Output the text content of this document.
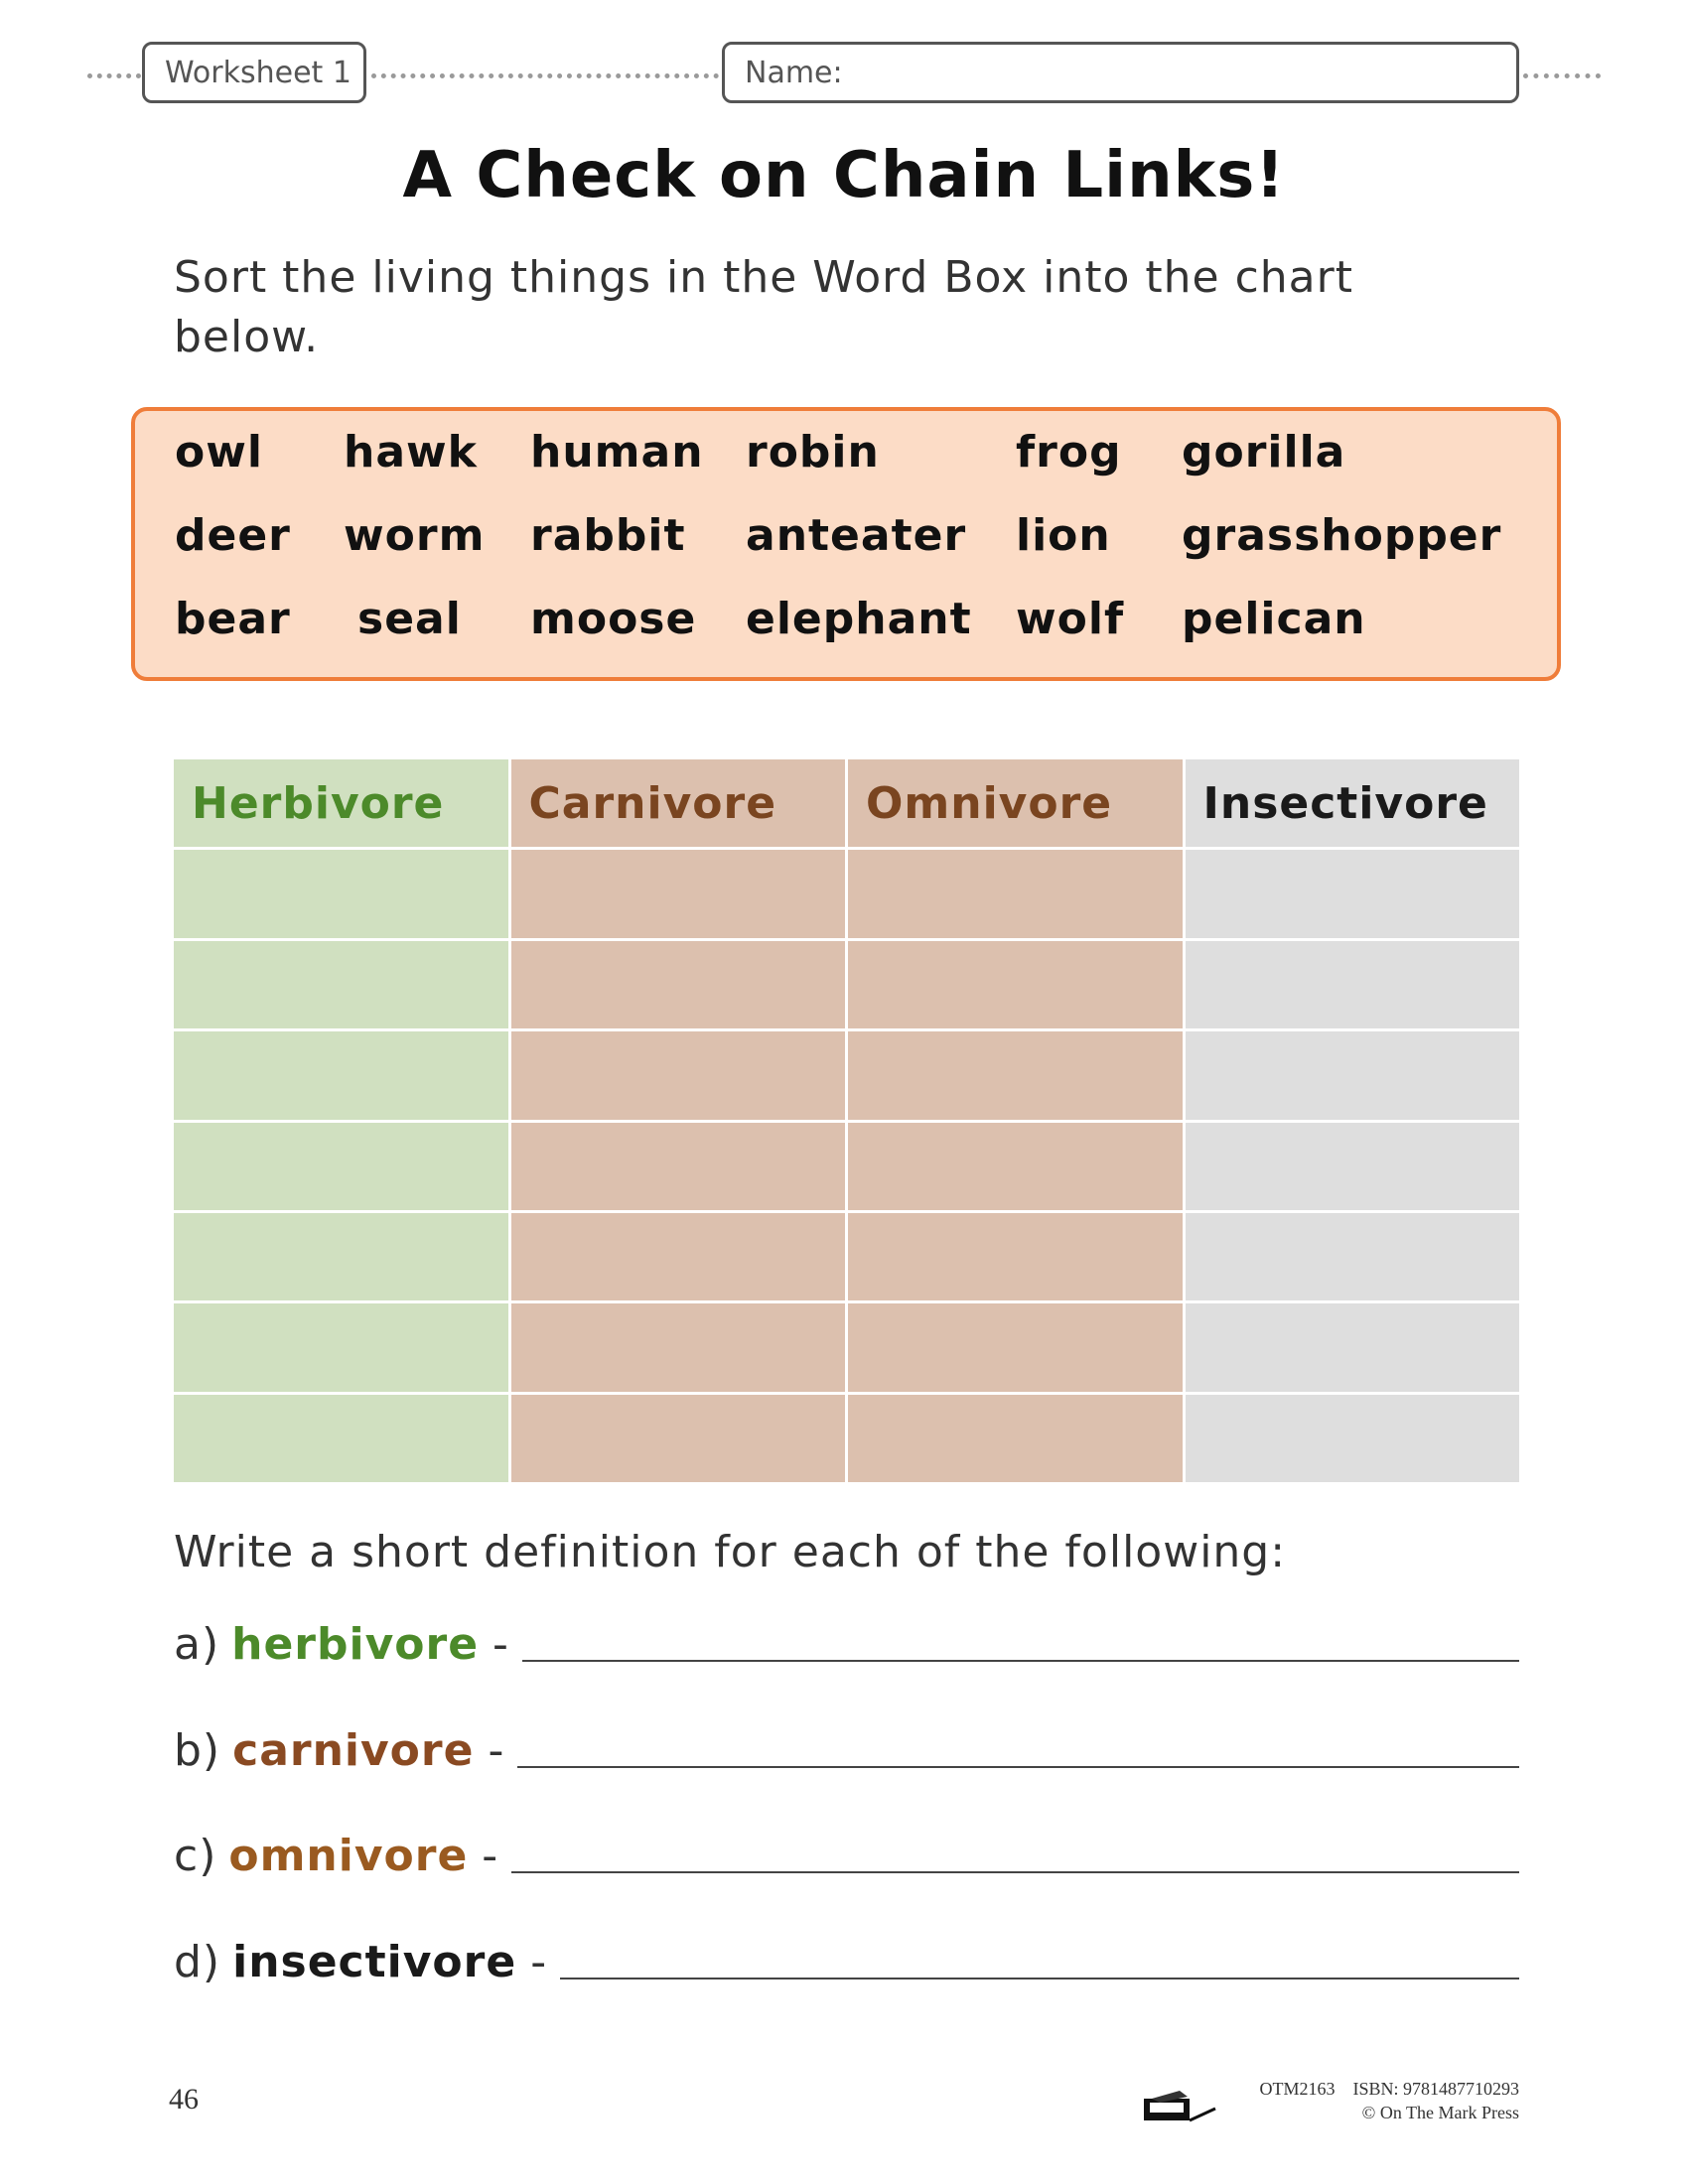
Worksheet 1	Name:
A Check on Chain Links!
Sort the living things in the Word Box into the chart below.
owl hawk human robin	frog gorilla
deer worm rabbit anteater lion grasshopper
bear seal moose elephant wolf pelican
Herbivore	Carnivore	Omnivore	Insectivore
Write a short definition for each of the following:
a) herbivore -
b) carnivore -
c) omnivore -
d) insectivore -
46	OTM2163 ISBN: 9781487710293
© On The Mark Press
